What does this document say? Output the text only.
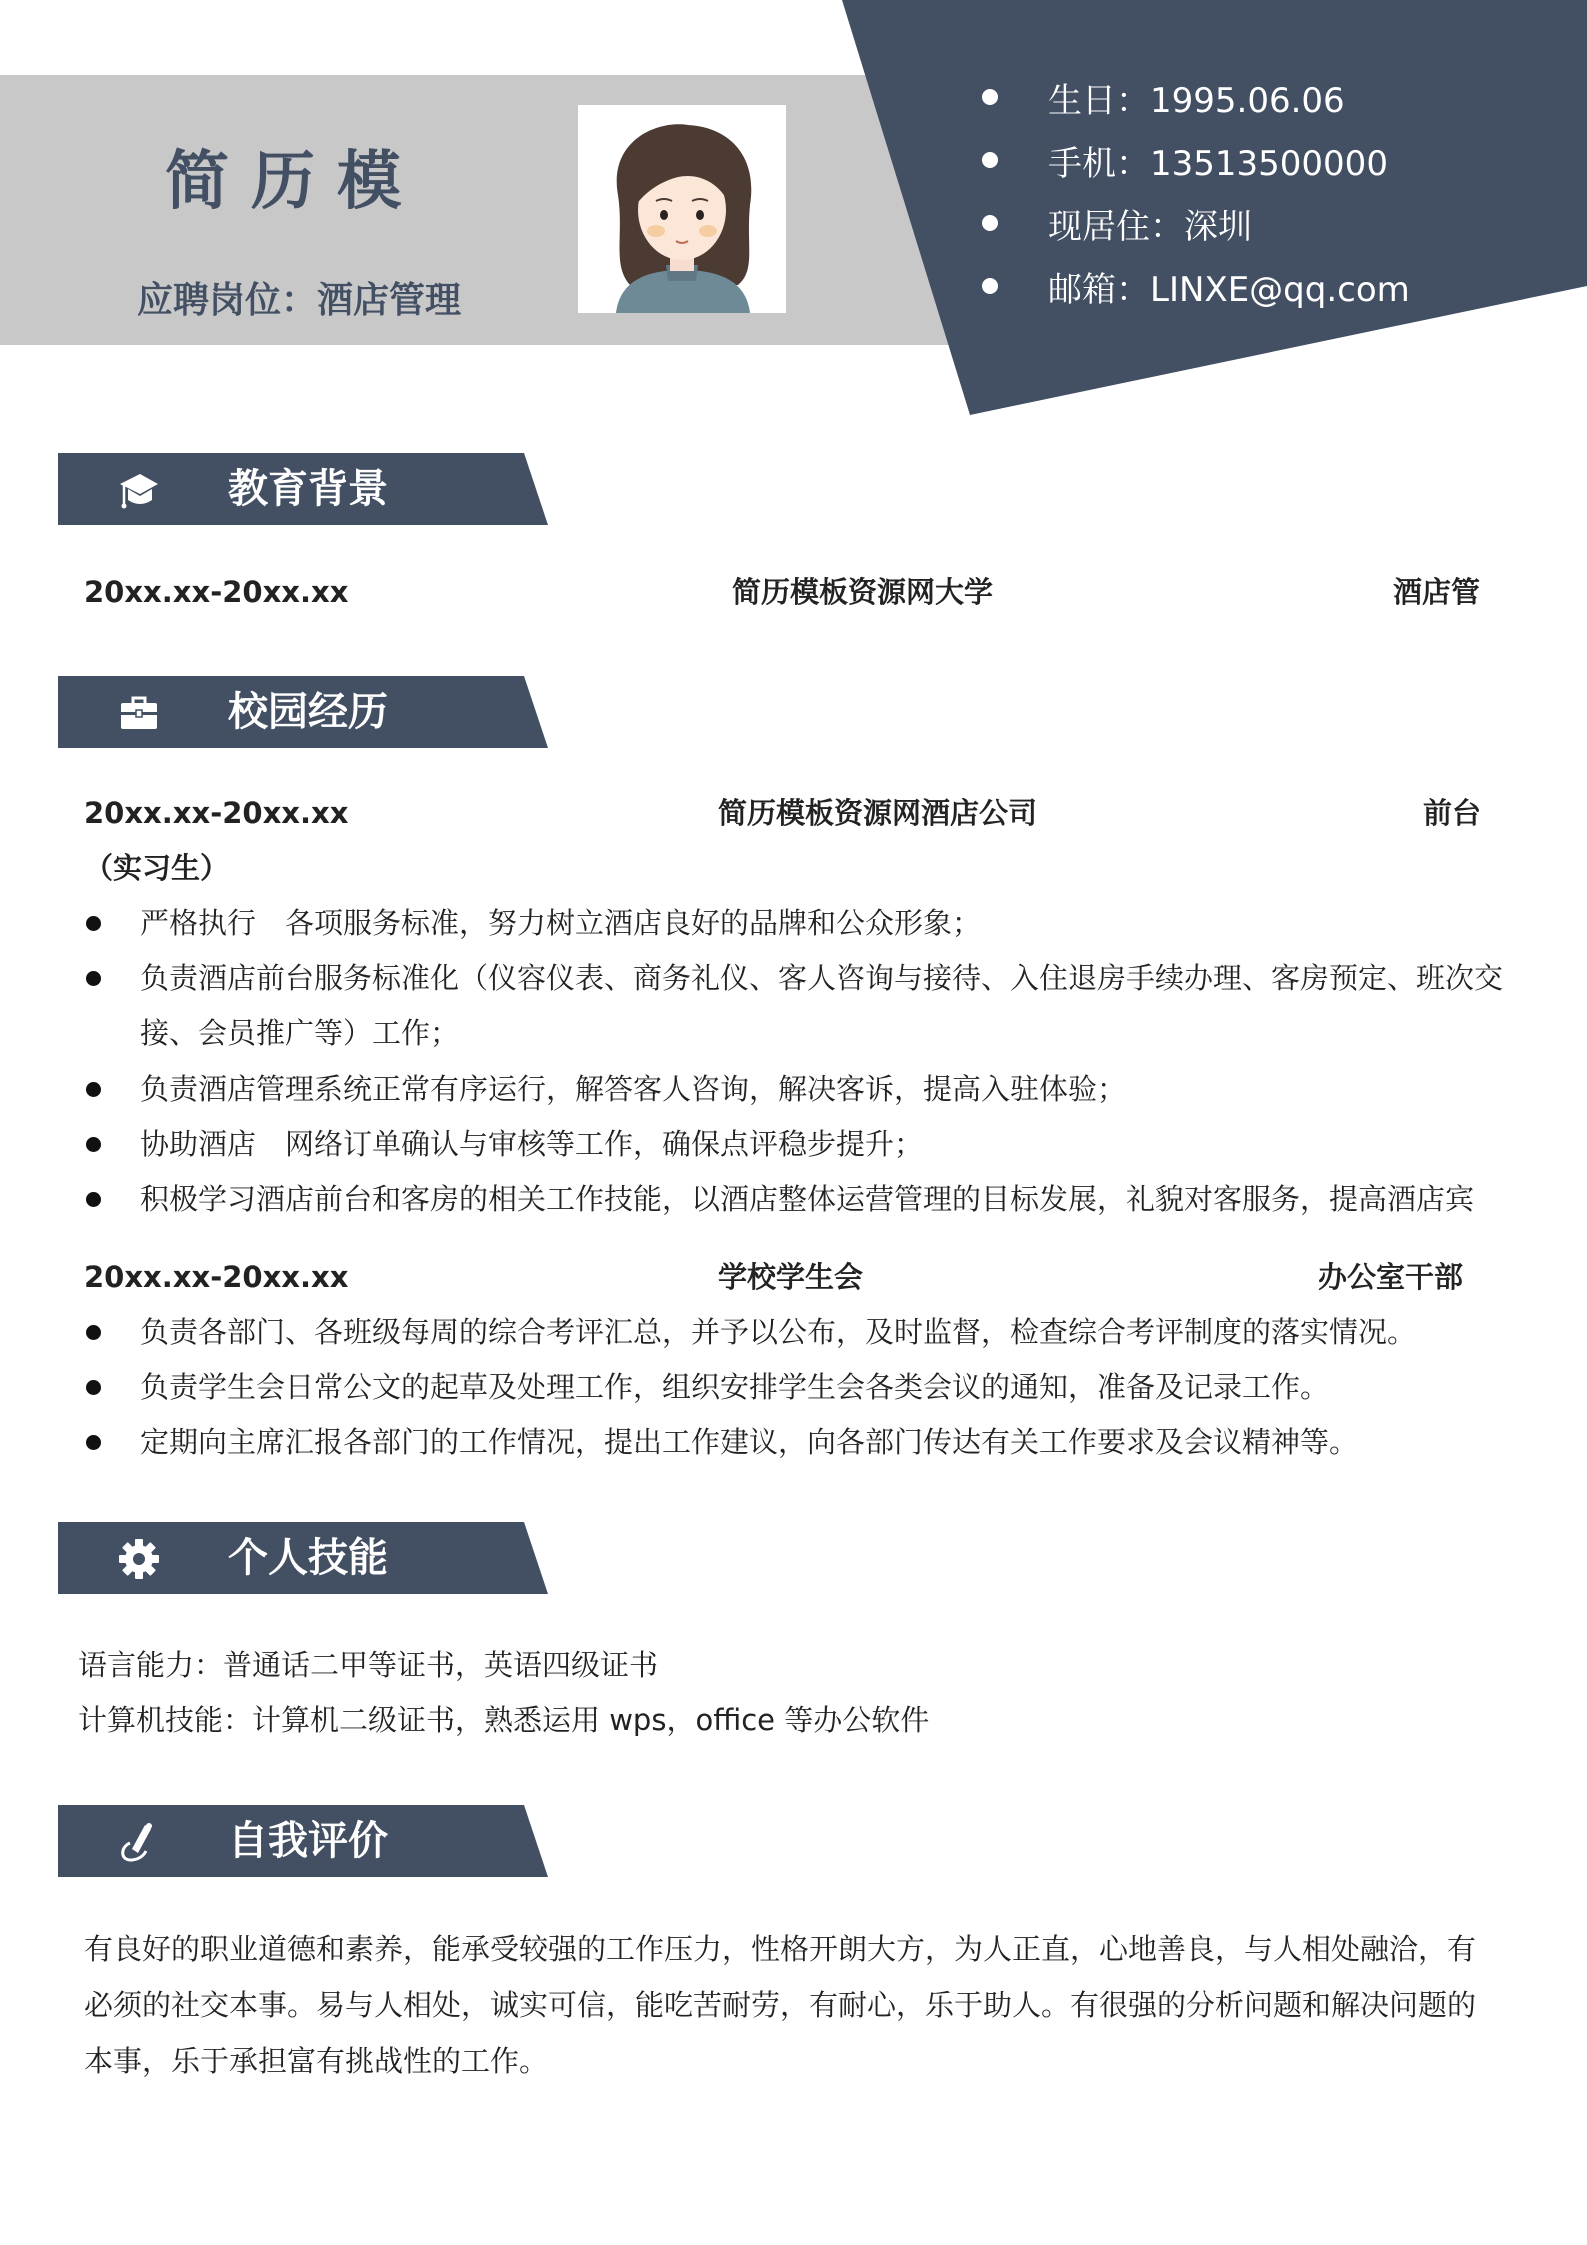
简历模
应聘岗位：酒店管理
生日：1995.06.06
手机：13513500000
现居住：深圳
邮箱：LINXE@qq.com
教育背景
20xx.xx-20xx.xx	简历模板资源网大学	酒店管
校园经历
20xx.xx-20xx.xx	简历模板资源网酒店公司	前台
（实习生）
严格执行　各项服务标准，努力树立酒店良好的品牌和公众形象；
负责酒店前台服务标准化（仪容仪表、商务礼仪、客人咨询与接待、入住退房手续办理、客房预定、班次交接、会员推广等）工作；
负责酒店管理系统正常有序运行，解答客人咨询，解决客诉，提高入驻体验；
协助酒店　网络订单确认与审核等工作，确保点评稳步提升；
积极学习酒店前台和客房的相关工作技能，以酒店整体运营管理的目标发展，礼貌对客服务，提高酒店宾
20xx.xx-20xx.xx	学校学生会	办公室干部
负责各部门、各班级每周的综合考评汇总，并予以公布，及时监督，检查综合考评制度的落实情况。
负责学生会日常公文的起草及处理工作，组织安排学生会各类会议的通知，准备及记录工作。
定期向主席汇报各部门的工作情况，提出工作建议，向各部门传达有关工作要求及会议精神等。
个人技能
语言能力：普通话二甲等证书，英语四级证书
计算机技能：计算机二级证书，熟悉运用 wps，office 等办公软件
自我评价
有良好的职业道德和素养，能承受较强的工作压力，性格开朗大方，为人正直，心地善良，与人相处融洽，有必须的社交本事。易与人相处，诚实可信，能吃苦耐劳，有耐心，乐于助人。有很强的分析问题和解决问题的本事，乐于承担富有挑战性的工作。
